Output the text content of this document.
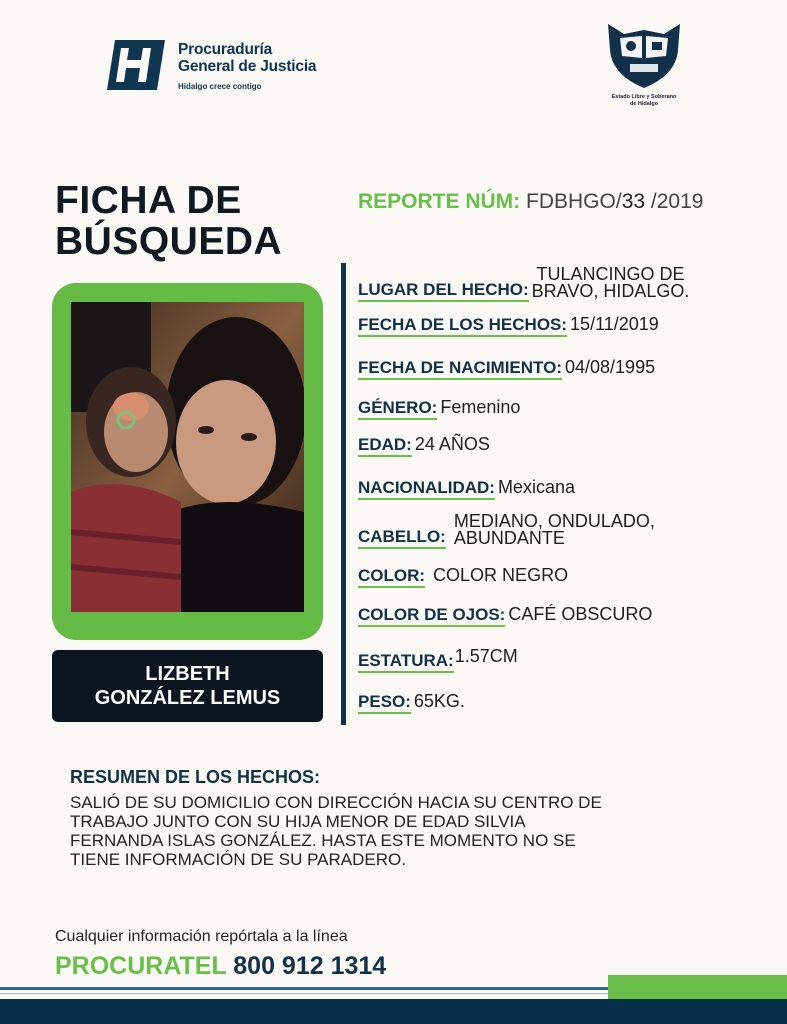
Procuraduría
General de Justicia
Hidalgo crece contigo
Estado Libre y Soberano
de Hidalgo
FICHA DE
BÚSQUEDA
REPORTE NÚM: FDBHGO/33 /2019
LIZBETH
GONZÁLEZ LEMUS
LUGAR DEL HECHO:
TULANCINGO DE
BRAVO, HIDALGO.
FECHA DE LOS HECHOS: 15/11/2019
FECHA DE NACIMIENTO: 04/08/1995
GÉNERO: Femenino
EDAD: 24 AÑOS
NACIONALIDAD: Mexicana
CABELLO:
MEDIANO, ONDULADO,
ABUNDANTE
COLOR: COLOR NEGRO
COLOR DE OJOS: CAFÉ OBSCURO
ESTATURA: 1.57CM
PESO: 65KG.
RESUMEN DE LOS HECHOS:
SALIÓ DE SU DOMICILIO CON DIRECCIÓN HACIA SU CENTRO DE
TRABAJO JUNTO CON SU HIJA MENOR DE EDAD SILVIA
FERNANDA ISLAS GONZÁLEZ. HASTA ESTE MOMENTO NO SE
TIENE INFORMACIÓN DE SU PARADERO.
Cualquier información repórtala a la línea
PROCURATEL 800 912 1314
